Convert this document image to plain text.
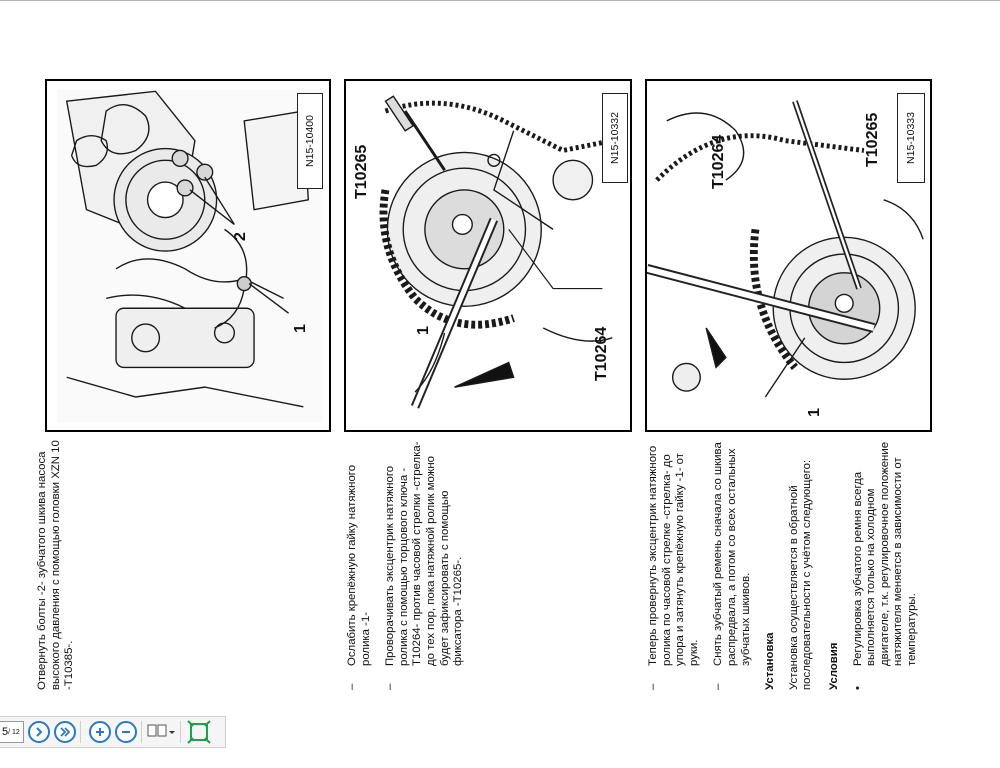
N15-10400
2
1
N15-10332
T10265
1	T10264
N15-10333
T10264	T10265
1

Отвернуть болты -2- зубчатого шкива насоса высокого давления с помощью головки XZN 10 -T10385-.	–
Ослабить крепёжную гайку натяжного ролика -1-
–
Проворачивать эксцентрик натяжного ролика с помощью торцового ключа -T10264- против часовой стрелки -стрелка- до тех пор, пока натяжной ролик можно будет зафиксировать с помощью фиксатора -T10265-.
–
Теперь провернуть эксцентрик натяжного ролика по часовой стрелке -стрелка- до упора и затянуть крепёжную гайку -1- от руки.
–
Снять зубчатый ремень сначала со шкива распредвала, а потом со всех остальных зубчатых шкивов. Установка Установка осуществляется в обратной последовательности с учётом следующего: Условия •
Регулировка зубчатого ремня всегда выполняется только на холодном двигателе, т.к. регулировочное положение натяжителя меняется в зависимости от температуры.
5 / 12
